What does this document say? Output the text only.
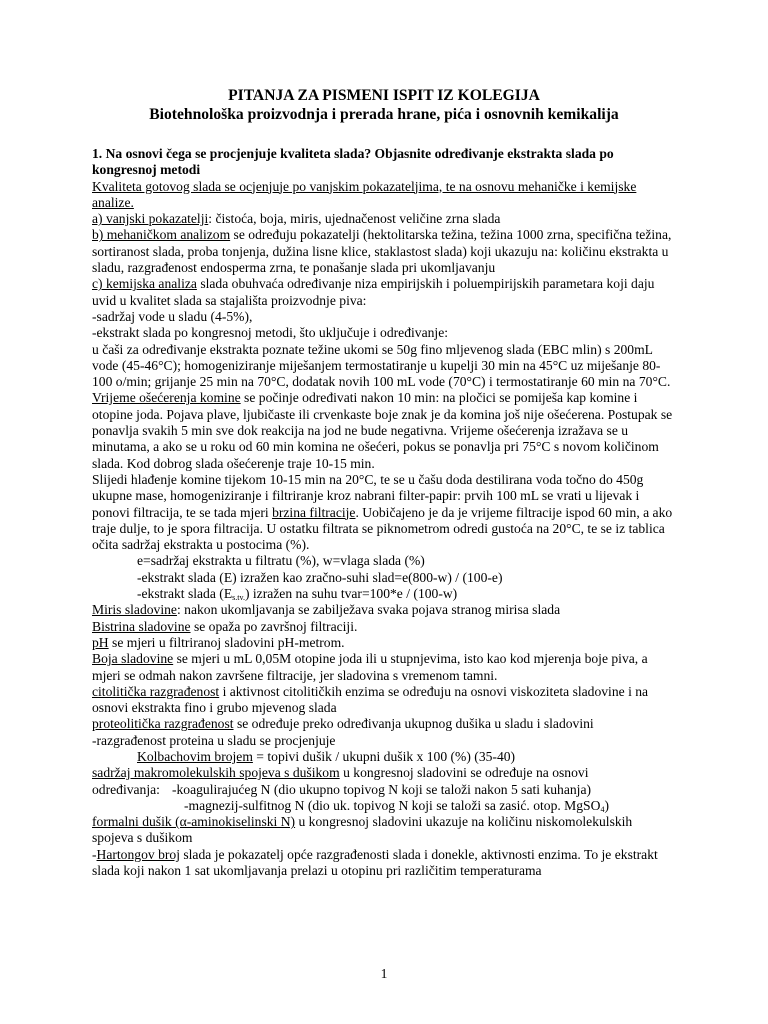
PITANJA ZA PISMENI ISPIT IZ KOLEGIJA

Biotehnološka proizvodnja i prerada hrane, pića i osnovnih kemikalija

1. Na osnovi čega se procjenjuje kvaliteta slada? Objasnite određivanje ekstrakta slada po kongresnoj metodi

Kvaliteta gotovog slada se ocjenjuje po vanjskim pokazateljima, te na osnovu mehaničke i kemijske analize.

a) vanjski pokazatelji: čistoća, boja, miris, ujednačenost veličine zrna slada

b) mehaničkom analizom se određuju pokazatelji (hektolitarska težina, težina 1000 zrna, specifična težina, sortiranost slada, proba tonjenja, dužina lisne klice, staklastost slada) koji ukazuju na: količinu ekstrakta u sladu, razgrađenost endosperma zrna, te ponašanje slada pri ukomljavanju

c) kemijska analiza slada obuhvaća određivanje niza empirijskih i poluempirijskih parametara koji daju uvid u kvalitet slada sa stajališta proizvodnje piva:

-sadržaj vode u sladu (4-5%),

-ekstrakt slada po kongresnoj metodi, što uključuje i određivanje:

u čaši za određivanje ekstrakta poznate težine ukomi se 50g fino mljevenog slada (EBC mlin) s 200mL vode (45-46°C); homogeniziranje miješanjem termostatiranje u kupelji 30 min na 45°C uz miješanje 80-100 o/min; grijanje 25 min na 70°C, dodatak novih 100 mL vode (70°C) i termostatiranje 60 min na 70°C. Vrijeme ošećerenja komine se počinje određivati nakon 10 min: na pločici se pomiješa kap komine i otopine joda. Pojava plave, ljubičaste ili crvenkaste boje znak je da komina još nije ošećerena. Postupak se ponavlja svakih 5 min sve dok reakcija na jod ne bude negativna. Vrijeme ošećerenja izražava se u minutama, a ako se u roku od 60 min komina ne ošećeri, pokus se ponavlja pri 75°C s novom količinom slada. Kod dobrog slada ošećerenje traje 10-15 min.

Slijedi hlađenje komine tijekom 10-15 min na 20°C, te se u čašu doda destilirana voda točno do 450g ukupne mase, homogeniziranje i filtriranje kroz nabrani filter-papir: prvih 100 mL se vrati u lijevak i ponovi filtracija, te se tada mjeri brzina filtracije. Uobičajeno je da je vrijeme filtracije ispod 60 min, a ako traje dulje, to je spora filtracija. U ostatku filtrata se piknometrom odredi gustoća na 20°C, te se iz tablica očita sadržaj ekstrakta u postocima (%).

e=sadržaj ekstrakta u filtratu (%), w=vlaga slada (%)

-ekstrakt slada (E) izražen kao zračno-suhi slad=e(800-w) / (100-e)

-ekstrakt slada $(E_{s.tv.})$ izražen na suhu tvar=100*e / (100-w)

Miris sladovine: nakon ukomljavanja se zabilježava svaka pojava stranog mirisa slada

Bistrina sladovine se opaža po završnoj filtraciji.

pH se mjeri u filtriranoj sladovini pH-metrom.

Boja sladovine se mjeri u mL 0,05M otopine joda ili u stupnjevima, isto kao kod mjerenja boje piva, a mjeri se odmah nakon završene filtracije, jer sladovina s vremenom tamni.

citolitička razgrađenost i aktivnost citolitičkih enzima se određuju na osnovi viskoziteta sladovine i na osnovi ekstrakta fino i grubo mjevenog slada

proteolitička razgrađenost se određuje preko određivanja ukupnog dušika u sladu i sladovini

-razgrađenost proteina u sladu se procjenjuje

Kolbachovim brojem = topivi dušik / ukupni dušik x 100 (%) (35-40)

sadržaj makromolekulskih spojeva s dušikom u kongresnoj sladovini se određuje na osnovi

određivanja: -koagulirajućeg N (dio ukupno topivog N koji se taloži nakon 5 sati kuhanja)

-magnezij-sulfitnog N (dio uk. topivog N koji se taloži sa zasić. otop. MgSO$_4$)

formalni dušik (α-aminokiselinski N) u kongresnoj sladovini ukazuje na količinu niskomolekulskih spojeva s dušikom

-Hartongov broj slada je pokazatelj opće razgrađenosti slada i donekle, aktivnosti enzima. To je ekstrakt slada koji nakon 1 sat ukomljavanja prelazi u otopinu pri različitim temperaturama

1
